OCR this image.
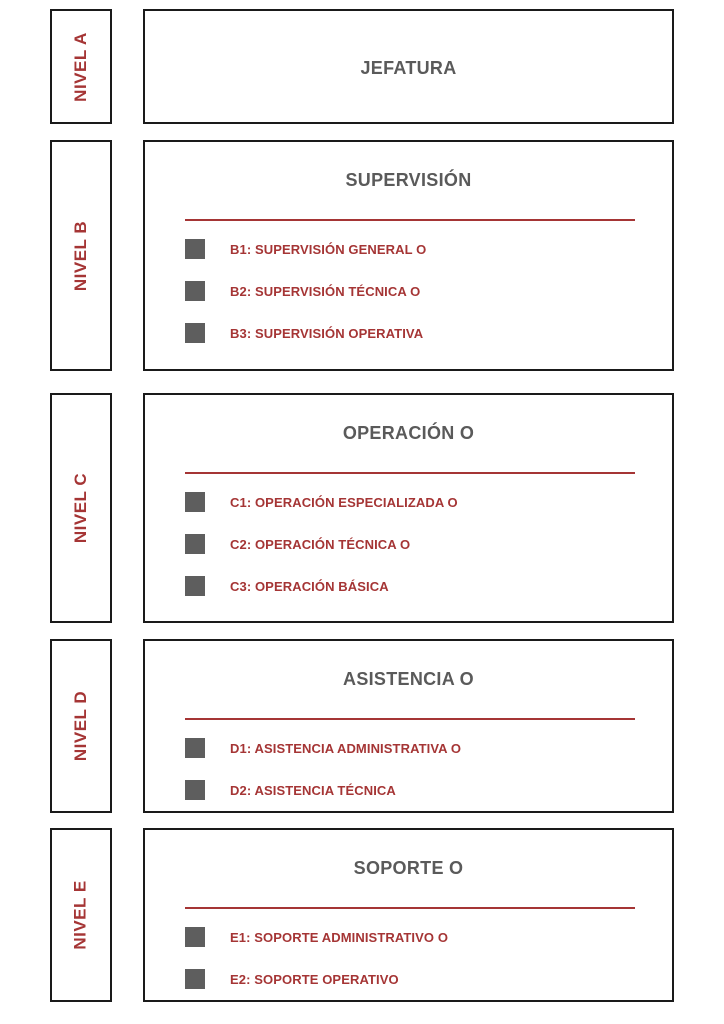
NIVEL A	JEFATURA
NIVEL B
SUPERVISIÓN
B1: SUPERVISIÓN GENERAL O
B2: SUPERVISIÓN TÉCNICA O
B3: SUPERVISIÓN OPERATIVA
NIVEL C
OPERACIÓN O
C1: OPERACIÓN ESPECIALIZADA O
C2: OPERACIÓN TÉCNICA O
C3: OPERACIÓN BÁSICA
NIVEL D
ASISTENCIA O
D1: ASISTENCIA ADMINISTRATIVA O
D2: ASISTENCIA TÉCNICA
NIVEL E
SOPORTE O
E1: SOPORTE ADMINISTRATIVO O
E2: SOPORTE OPERATIVO
